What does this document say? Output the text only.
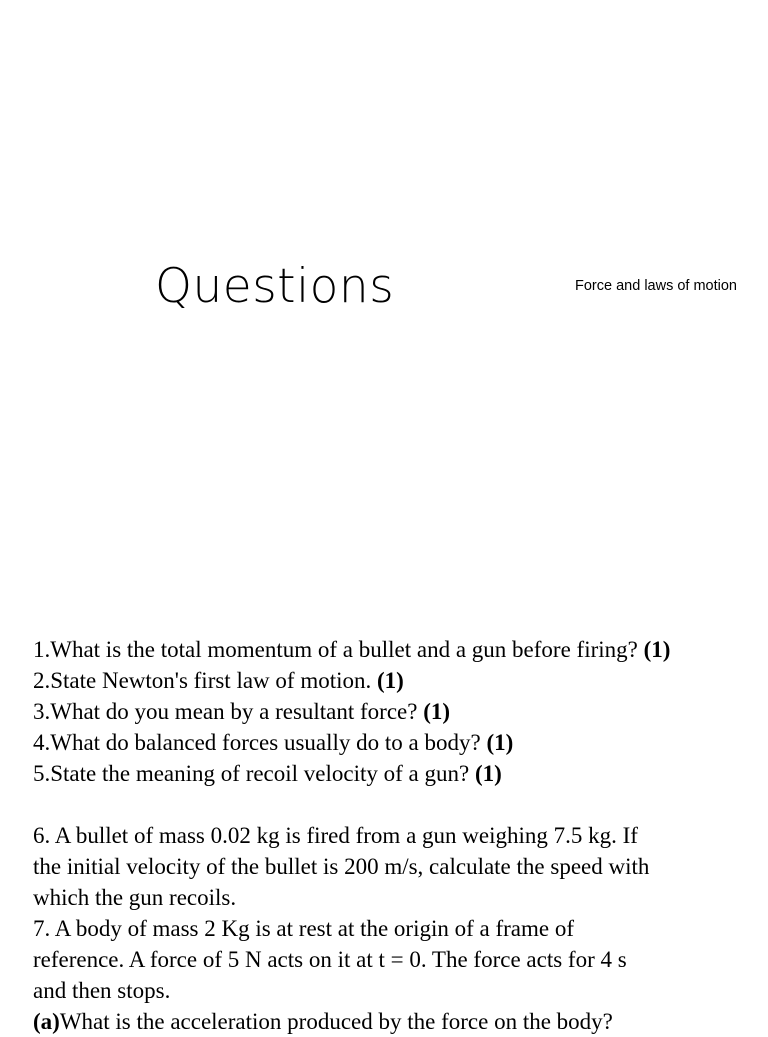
Questions	Force and laws of motion
1.What is the total momentum of a bullet and a gun before firing? (1)
2.State Newton's first law of motion. (1)
3.What do you mean by a resultant force? (1)
4.What do balanced forces usually do to a body? (1)
5.State the meaning of recoil velocity of a gun? (1)
6. A bullet of mass 0.02 kg is fired from a gun weighing 7.5 kg. If
the initial velocity of the bullet is 200 m/s, calculate the speed with
which the gun recoils.
7. A body of mass 2 Kg is at rest at the origin of a frame of
reference. A force of 5 N acts on it at t = 0. The force acts for 4 s
and then stops.
(a)What is the acceleration produced by the force on the body?
